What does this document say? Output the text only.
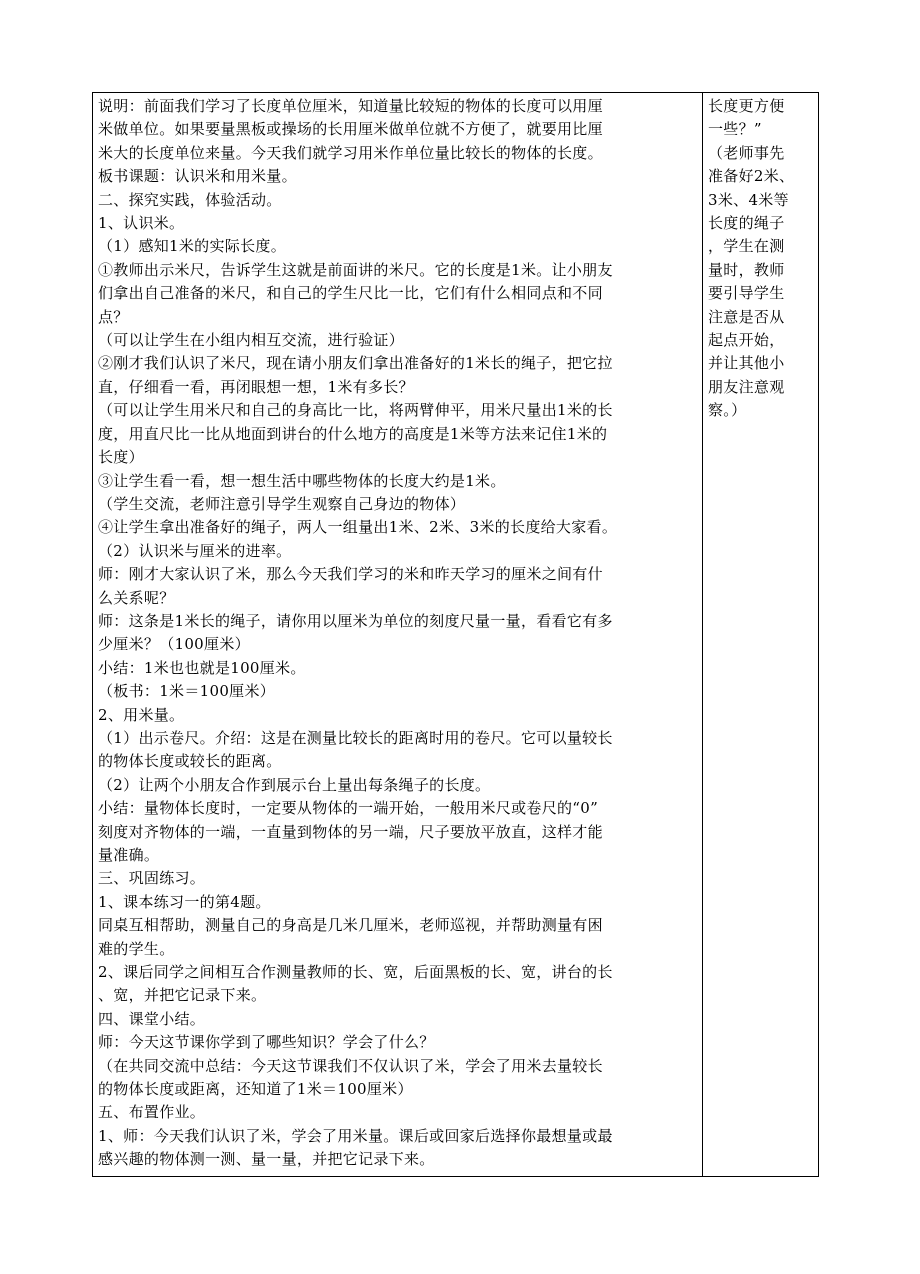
说明：前面我们学习了长度单位厘米，知道量比较短的物体的长度可以用厘
米做单位。如果要量黑板或操场的长用厘米做单位就不方便了，就要用比厘
米大的长度单位来量。今天我们就学习用米作单位量比较长的物体的长度。
板书课题：认识米和用米量。
二、探究实践，体验活动。
1、认识米。
（1）感知1米的实际长度。
①教师出示米尺，告诉学生这就是前面讲的米尺。它的长度是1米。让小朋友
们拿出自己准备的米尺，和自己的学生尺比一比，它们有什么相同点和不同
点？
（可以让学生在小组内相互交流，进行验证）
②刚才我们认识了米尺，现在请小朋友们拿出准备好的1米长的绳子，把它拉
直，仔细看一看，再闭眼想一想，1米有多长？
（可以让学生用米尺和自己的身高比一比，将两臂伸平，用米尺量出1米的长
度，用直尺比一比从地面到讲台的什么地方的高度是1米等方法来记住1米的
长度）
③让学生看一看，想一想生活中哪些物体的长度大约是1米。
（学生交流，老师注意引导学生观察自己身边的物体）
④让学生拿出准备好的绳子，两人一组量出1米、2米、3米的长度给大家看。
（2）认识米与厘米的进率。
师：刚才大家认识了米，那么今天我们学习的米和昨天学习的厘米之间有什
么关系呢？
师：这条是1米长的绳子，请你用以厘米为单位的刻度尺量一量，看看它有多
少厘米？（100厘米）
小结：1米也也就是100厘米。
（板书：1米＝100厘米）
2、用米量。
（1）出示卷尺。介绍：这是在测量比较长的距离时用的卷尺。它可以量较长
的物体长度或较长的距离。
（2）让两个小朋友合作到展示台上量出每条绳子的长度。
小结：量物体长度时，一定要从物体的一端开始，一般用米尺或卷尺的“0”
刻度对齐物体的一端，一直量到物体的另一端，尺子要放平放直，这样才能
量准确。
三、巩固练习。
1、课本练习一的第4题。
同桌互相帮助，测量自己的身高是几米几厘米，老师巡视，并帮助测量有困
难的学生。
2、课后同学之间相互合作测量教师的长、宽，后面黑板的长、宽，讲台的长
、宽，并把它记录下来。
四、课堂小结。
师：今天这节课你学到了哪些知识？学会了什么？
（在共同交流中总结：今天这节课我们不仅认识了米，学会了用米去量较长
的物体长度或距离，还知道了1米＝100厘米）
五、布置作业。
1、师：今天我们认识了米，学会了用米量。课后或回家后选择你最想量或最
感兴趣的物体测一测、量一量，并把它记录下来。

长度更方便
一些？”
（老师事先
准备好2米、
3米、4米等
长度的绳子
，学生在测
量时，教师
要引导学生
注意是否从
起点开始，
并让其他小
朋友注意观
察。）
